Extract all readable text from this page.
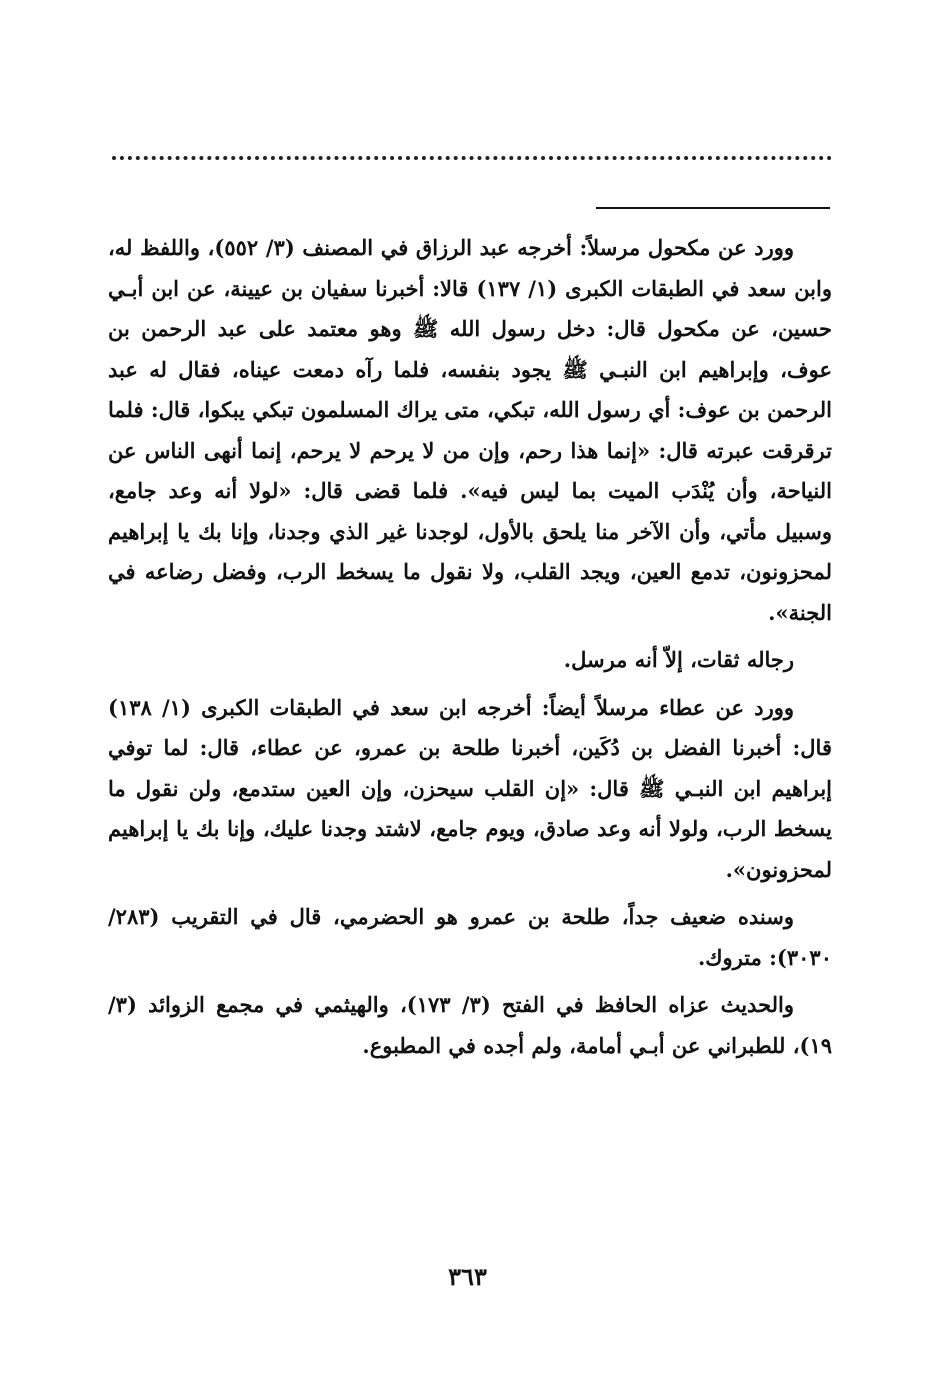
وورد عن مكحول مرسلاً: أخرجه عبد الرزاق في المصنف (٣/ ٥٥٢)، واللفظ له، وابن سعد في الطبقات الكبرى (١/ ١٣٧) قالا: أخبرنا سفيان بن عيينة، عن ابن أبـي حسين، عن مكحول قال: دخل رسول الله ﷺ وهو معتمد على عبد الرحمن بن عوف، وإبراهيم ابن النبـي ﷺ يجود بنفسه، فلما رآه دمعت عيناه، فقال له عبد الرحمن بن عوف: أي رسول الله، تبكي، متى يراك المسلمون تبكي يبكوا، قال: فلما ترقرقت عبرته قال: «إنما هذا رحم، وإن من لا يرحم لا يرحم، إنما أنهى الناس عن النياحة، وأن يُنْدَب الميت بما ليس فيه». فلما قضى قال: «لولا أنه وعد جامع، وسبيل مأتي، وأن الآخر منا يلحق بالأول، لوجدنا غير الذي وجدنا، وإنا بك يا إبراهيم لمحزونون، تدمع العين، ويجد القلب، ولا نقول ما يسخط الرب، وفضل رضاعه في الجنة».

رجاله ثقات، إلاّ أنه مرسل.

وورد عن عطاء مرسلاً أيضاً: أخرجه ابن سعد في الطبقات الكبرى (١/ ١٣٨) قال: أخبرنا الفضل بن دُكَين، أخبرنا طلحة بن عمرو، عن عطاء، قال: لما توفي إبراهيم ابن النبـي ﷺ قال: «إن القلب سيحزن، وإن العين ستدمع، ولن نقول ما يسخط الرب، ولولا أنه وعد صادق، ويوم جامع، لاشتد وجدنا عليك، وإنا بك يا إبراهيم لمحزونون».

وسنده ضعيف جداً، طلحة بن عمرو هو الحضرمي، قال في التقريب (٢٨٣/ ٣٠٣٠): متروك.

والحديث عزاه الحافظ في الفتح (٣/ ١٧٣)، والهيثمي في مجمع الزوائد (٣/ ١٩)، للطبراني عن أبـي أمامة، ولم أجده في المطبوع.

٣٦٣
